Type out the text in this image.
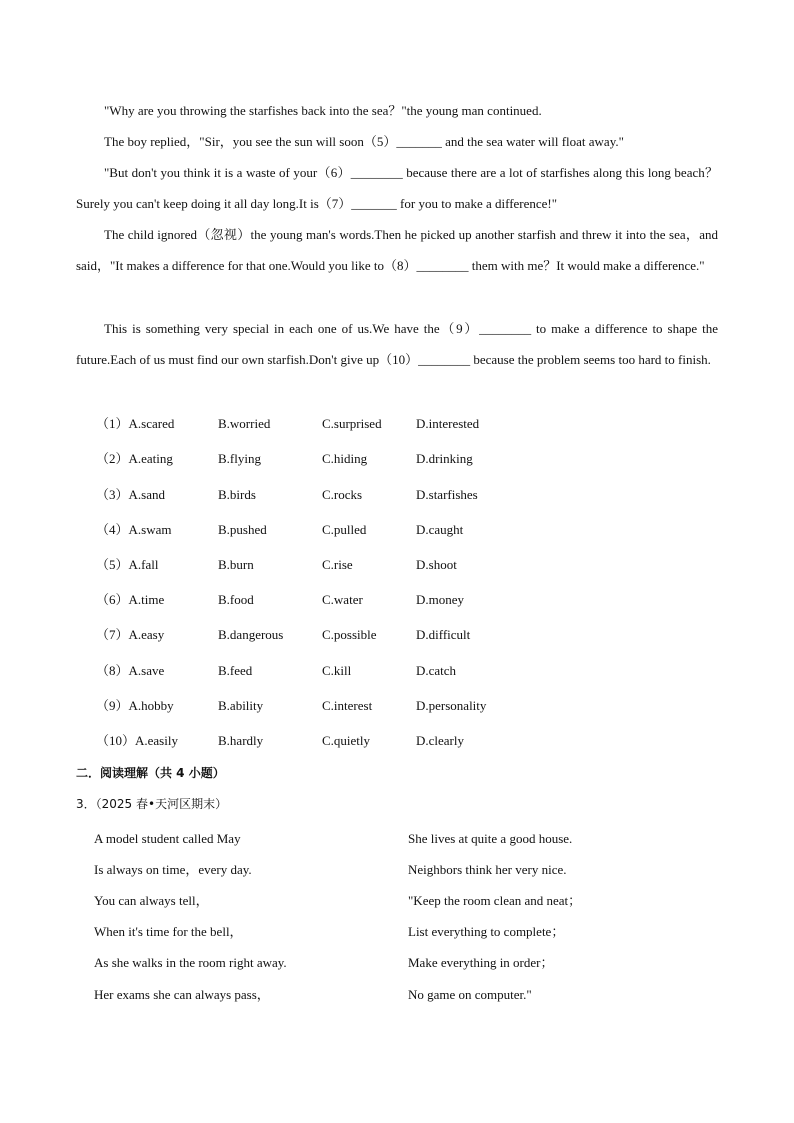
"Why are you throwing the starfishes back into the sea？"the young man continued.

The boy replied，"Sir，you see the sun will soon（5）_______ and the sea water will float away."

"But don't you think it is a waste of your（6）________ because there are a lot of starfishes along this long beach？Surely you can't keep doing it all day long.It is（7）_______ for you to make a difference!"

The child ignored（忽视）the young man's words.Then he picked up another starfish and threw it into the sea，and said，"It makes a difference for that one.Would you like to（8）________ them with me？It would make a difference."

This is something very special in each one of us.We have the（9）________ to make a difference to shape the future.Each of us must find our own starfish.Don't give up（10）________ because the problem seems too hard to finish.

（1）A.scared	B.worried	C.surprised	D.interested
（2）A.eating	B.flying	C.hiding	D.drinking
（3）A.sand	B.birds	C.rocks	D.starfishes
（4）A.swam	B.pushed	C.pulled	D.caught
（5）A.fall	B.burn	C.rise	D.shoot
（6）A.time	B.food	C.water	D.money
（7）A.easy	B.dangerous	C.possible	D.difficult
（8）A.save	B.feed	C.kill	D.catch
（9）A.hobby	B.ability	C.interest	D.personality
（10）A.easily	B.hardly	C.quietly	D.clearly
二．阅读理解（共 4 小题）
3．（2025 春•天河区期末）
A model student called May
Is always on time，every day.
You can always tell，
When it's time for the bell，
As she walks in the room right away.
Her exams she can always pass，
She lives at quite a good house.
Neighbors think her very nice.
"Keep the room clean and neat；
List everything to complete；
Make everything in order；
No game on computer."
